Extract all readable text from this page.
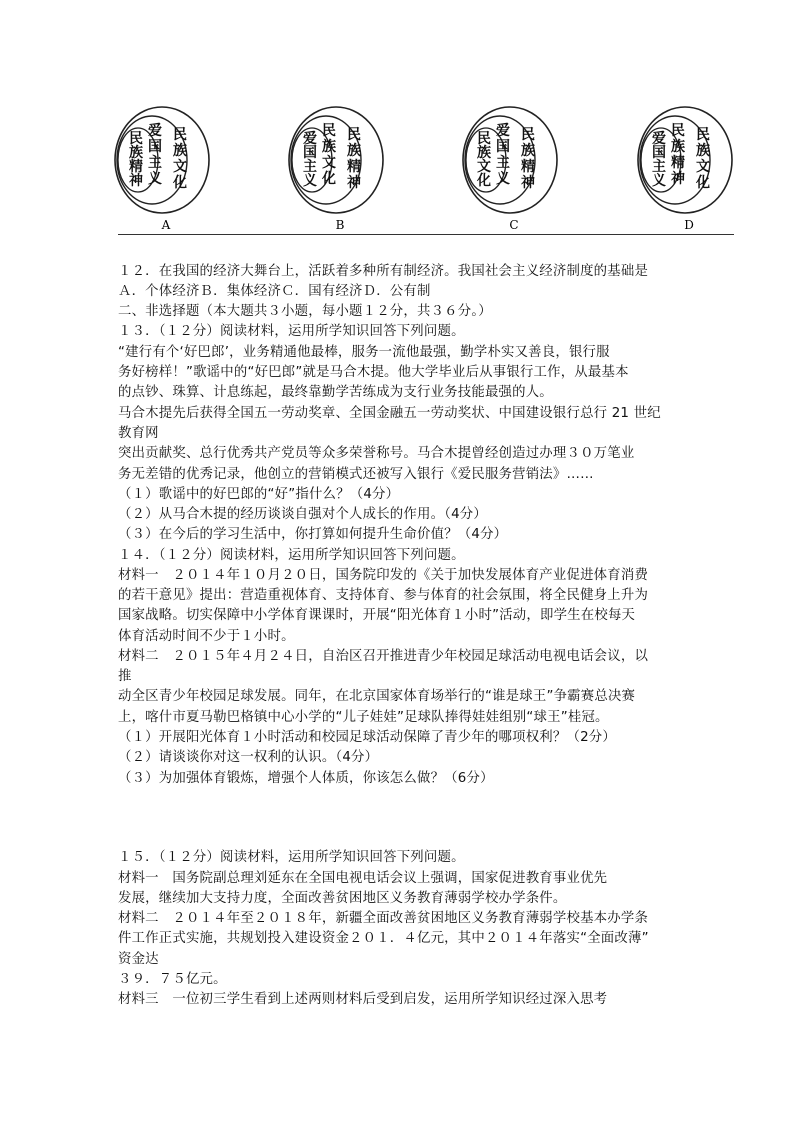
民族精神
爱国主义
民族文化
A
爱国主义
民族文化
民族精神
B
民族文化
爱国主义
民族精神
C
爱国主义
民族精神
民族文化
D
１２．在我国的经济大舞台上，活跃着多种所有制经济。我国社会主义经济制度的基础是
Ａ．个体经济Ｂ．集体经济Ｃ．国有经济Ｄ．公有制
二、非选择题（本大题共３小题，每小题１２分，共３６分。）
１３．（１２分）阅读材料，运用所学知识回答下列问题。
“建行有个‘好巴郎’，业务精通他最棒，服务一流他最强，勤学朴实又善良，银行服
务好榜样！”歌谣中的“好巴郎”就是马合木提。他大学毕业后从事银行工作，从最基本
的点钞、珠算、计息练起，最终靠勤学苦练成为支行业务技能最强的人。
马合木提先后获得全国五一劳动奖章、全国金融五一劳动奖状、中国建设银行总行 21 世纪
教育网
突出贡献奖、总行优秀共产党员等众多荣誉称号。马合木提曾经创造过办理３０万笔业
务无差错的优秀记录，他创立的营销模式还被写入银行《爱民服务营销法》……
（１）歌谣中的好巴郎的“好”指什么？（4分）
（２）从马合木提的经历谈谈自强对个人成长的作用。（4分）
（３）在今后的学习生活中，你打算如何提升生命价值？（4分）
１４．（１２分）阅读材料，运用所学知识回答下列问题。
材料一　２０１４年１０月２０日，国务院印发的《关于加快发展体育产业促进体育消费
的若干意见》提出：营造重视体育、支持体育、参与体育的社会氛围，将全民健身上升为
国家战略。切实保障中小学体育课课时，开展“阳光体育１小时”活动，即学生在校每天
体育活动时间不少于１小时。
材料二　２０１５年４月２４日，自治区召开推进青少年校园足球活动电视电话会议，以
推
动全区青少年校园足球发展。同年，在北京国家体育场举行的“谁是球王”争霸赛总决赛
上，喀什市夏马勒巴格镇中心小学的“儿子娃娃”足球队捧得娃娃组别“球王”桂冠。
（１）开展阳光体育１小时活动和校园足球活动保障了青少年的哪项权利？（2分）
（２）请谈谈你对这一权利的认识。（4分）
（３）为加强体育锻炼，增强个人体质，你该怎么做？（6分）
１５．（１２分）阅读材料，运用所学知识回答下列问题。
材料一　国务院副总理刘延东在全国电视电话会议上强调，国家促进教育事业优先
发展，继续加大支持力度，全面改善贫困地区义务教育薄弱学校办学条件。
材料二　２０１４年至２０１８年，新疆全面改善贫困地区义务教育薄弱学校基本办学条
件工作正式实施，共规划投入建设资金２０１．４亿元，其中２０１４年落实“全面改薄”
资金达
３９．７５亿元。
材料三　一位初三学生看到上述两则材料后受到启发，运用所学知识经过深入思考
